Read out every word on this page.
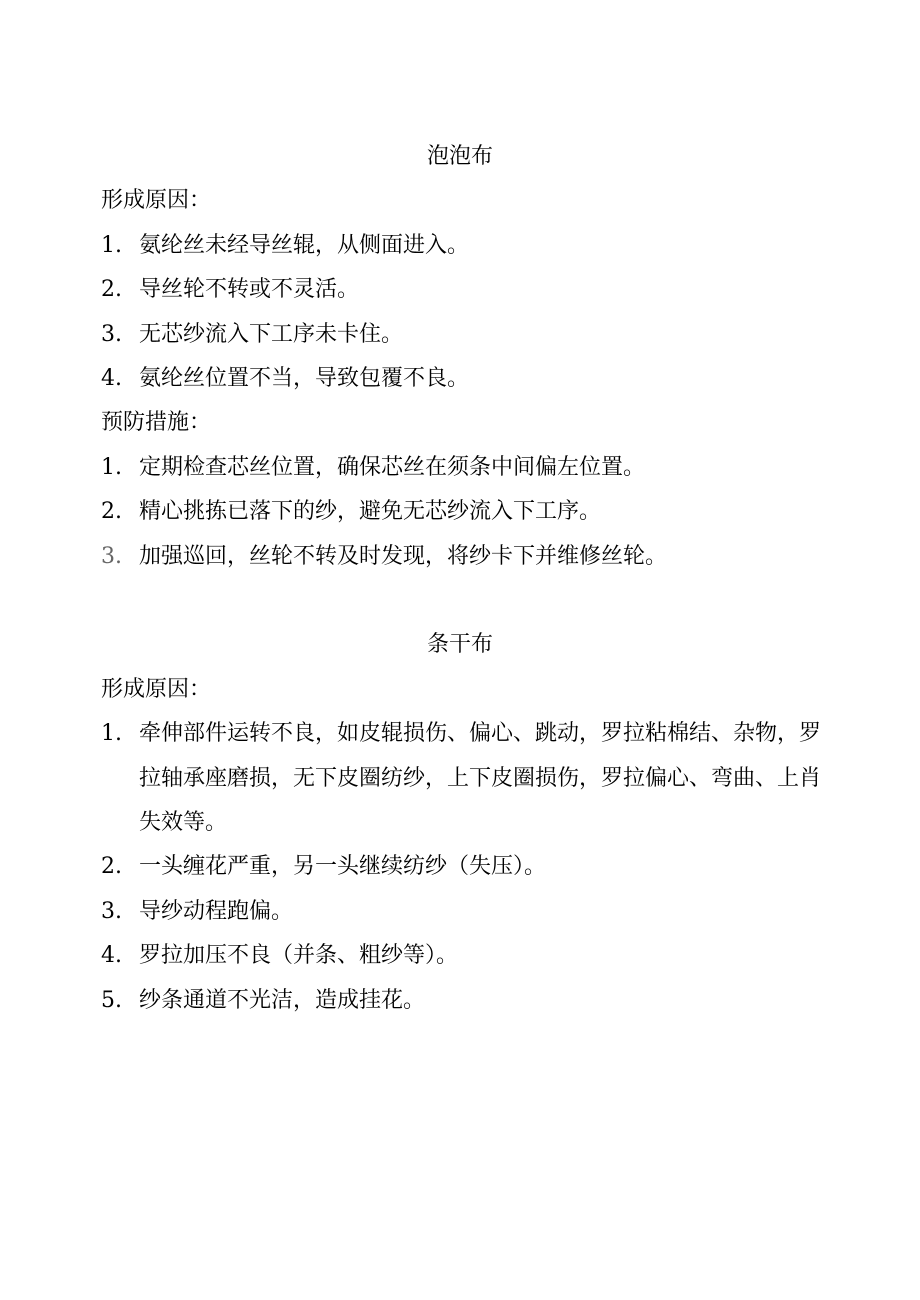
泡泡布
形成原因：
1. 氨纶丝未经导丝辊，从侧面进入。
2. 导丝轮不转或不灵活。
3. 无芯纱流入下工序未卡住。
4. 氨纶丝位置不当，导致包覆不良。
预防措施：
1. 定期检查芯丝位置，确保芯丝在须条中间偏左位置。
2. 精心挑拣已落下的纱，避免无芯纱流入下工序。
3. 加强巡回，丝轮不转及时发现，将纱卡下并维修丝轮。
条干布
形成原因：
1. 牵伸部件运转不良，如皮辊损伤、偏心、跳动，罗拉粘棉结、杂物，罗拉轴承座磨损，无下皮圈纺纱，上下皮圈损伤，罗拉偏心、弯曲、上肖失效等。
2. 一头缠花严重，另一头继续纺纱（失压）。
3. 导纱动程跑偏。
4. 罗拉加压不良（并条、粗纱等）。
5. 纱条通道不光洁，造成挂花。
